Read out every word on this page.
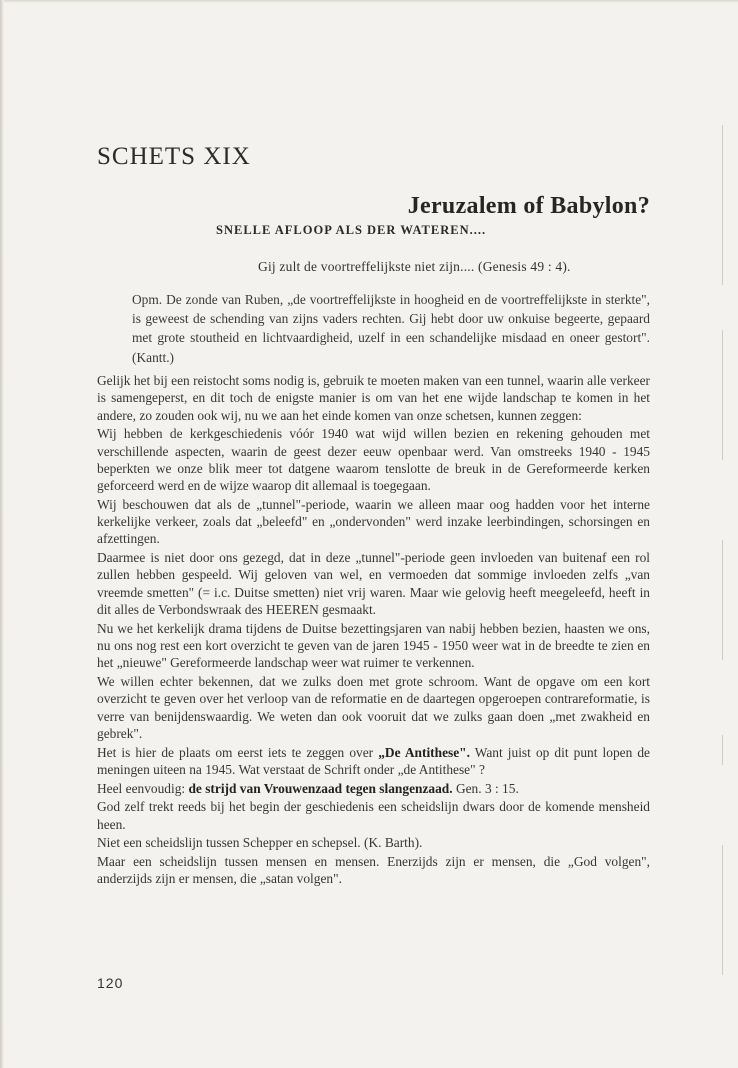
SCHETS XIX
Jeruzalem of Babylon?
SNELLE AFLOOP ALS DER WATEREN....
Gij zult de voortreffelijkste niet zijn.... (Genesis 49 : 4).
Opm. De zonde van Ruben, „de voortreffelijkste in hoogheid en de voortreffelijkste in sterkte", is geweest de schending van zijns vaders rechten. Gij hebt door uw onkuise begeerte, gepaard met grote stoutheid en lichtvaardigheid, uzelf in een schandelijke misdaad en oneer gestort". (Kantt.)

Gelijk het bij een reistocht soms nodig is, gebruik te moeten maken van een tunnel, waarin alle verkeer is samengeperst, en dit toch de enigste manier is om van het ene wijde landschap te komen in het andere, zo zouden ook wij, nu we aan het einde komen van onze schetsen, kunnen zeggen:

Wij hebben de kerkgeschiedenis vóór 1940 wat wijd willen bezien en rekening gehouden met verschillende aspecten, waarin de geest dezer eeuw openbaar werd. Van omstreeks 1940 - 1945 beperkten we onze blik meer tot datgene waarom tenslotte de breuk in de Gereformeerde kerken geforceerd werd en de wijze waarop dit allemaal is toegegaan.

Wij beschouwen dat als de „tunnel"-periode, waarin we alleen maar oog hadden voor het interne kerkelijke verkeer, zoals dat „beleefd" en „ondervonden" werd inzake leerbindingen, schorsingen en afzettingen.

Daarmee is niet door ons gezegd, dat in deze „tunnel"-periode geen invloeden van buitenaf een rol zullen hebben gespeeld. Wij geloven van wel, en vermoeden dat sommige invloeden zelfs „van vreemde smetten" (= i.c. Duitse smetten) niet vrij waren. Maar wie gelovig heeft meegeleefd, heeft in dit alles de Verbondswraak des HEEREN gesmaakt.

Nu we het kerkelijk drama tijdens de Duitse bezettingsjaren van nabij hebben bezien, haasten we ons, nu ons nog rest een kort overzicht te geven van de jaren 1945 - 1950 weer wat in de breedte te zien en het „nieuwe" Gereformeerde landschap weer wat ruimer te verkennen.

We willen echter bekennen, dat we zulks doen met grote schroom. Want de opgave om een kort overzicht te geven over het verloop van de reformatie en de daartegen opgeroepen contrareformatie, is verre van benijdenswaardig. We weten dan ook vooruit dat we zulks gaan doen „met zwakheid en gebrek".

Het is hier de plaats om eerst iets te zeggen over „De Antithese". Want juist op dit punt lopen de meningen uiteen na 1945. Wat verstaat de Schrift onder „de Antithese" ?

Heel eenvoudig: de strijd van Vrouwenzaad tegen slangenzaad. Gen. 3 : 15.

God zelf trekt reeds bij het begin der geschiedenis een scheidslijn dwars door de komende mensheid heen.

Niet een scheidslijn tussen Schepper en schepsel. (K. Barth).

Maar een scheidslijn tussen mensen en mensen. Enerzijds zijn er mensen, die „God volgen", anderzijds zijn er mensen, die „satan volgen".

120
